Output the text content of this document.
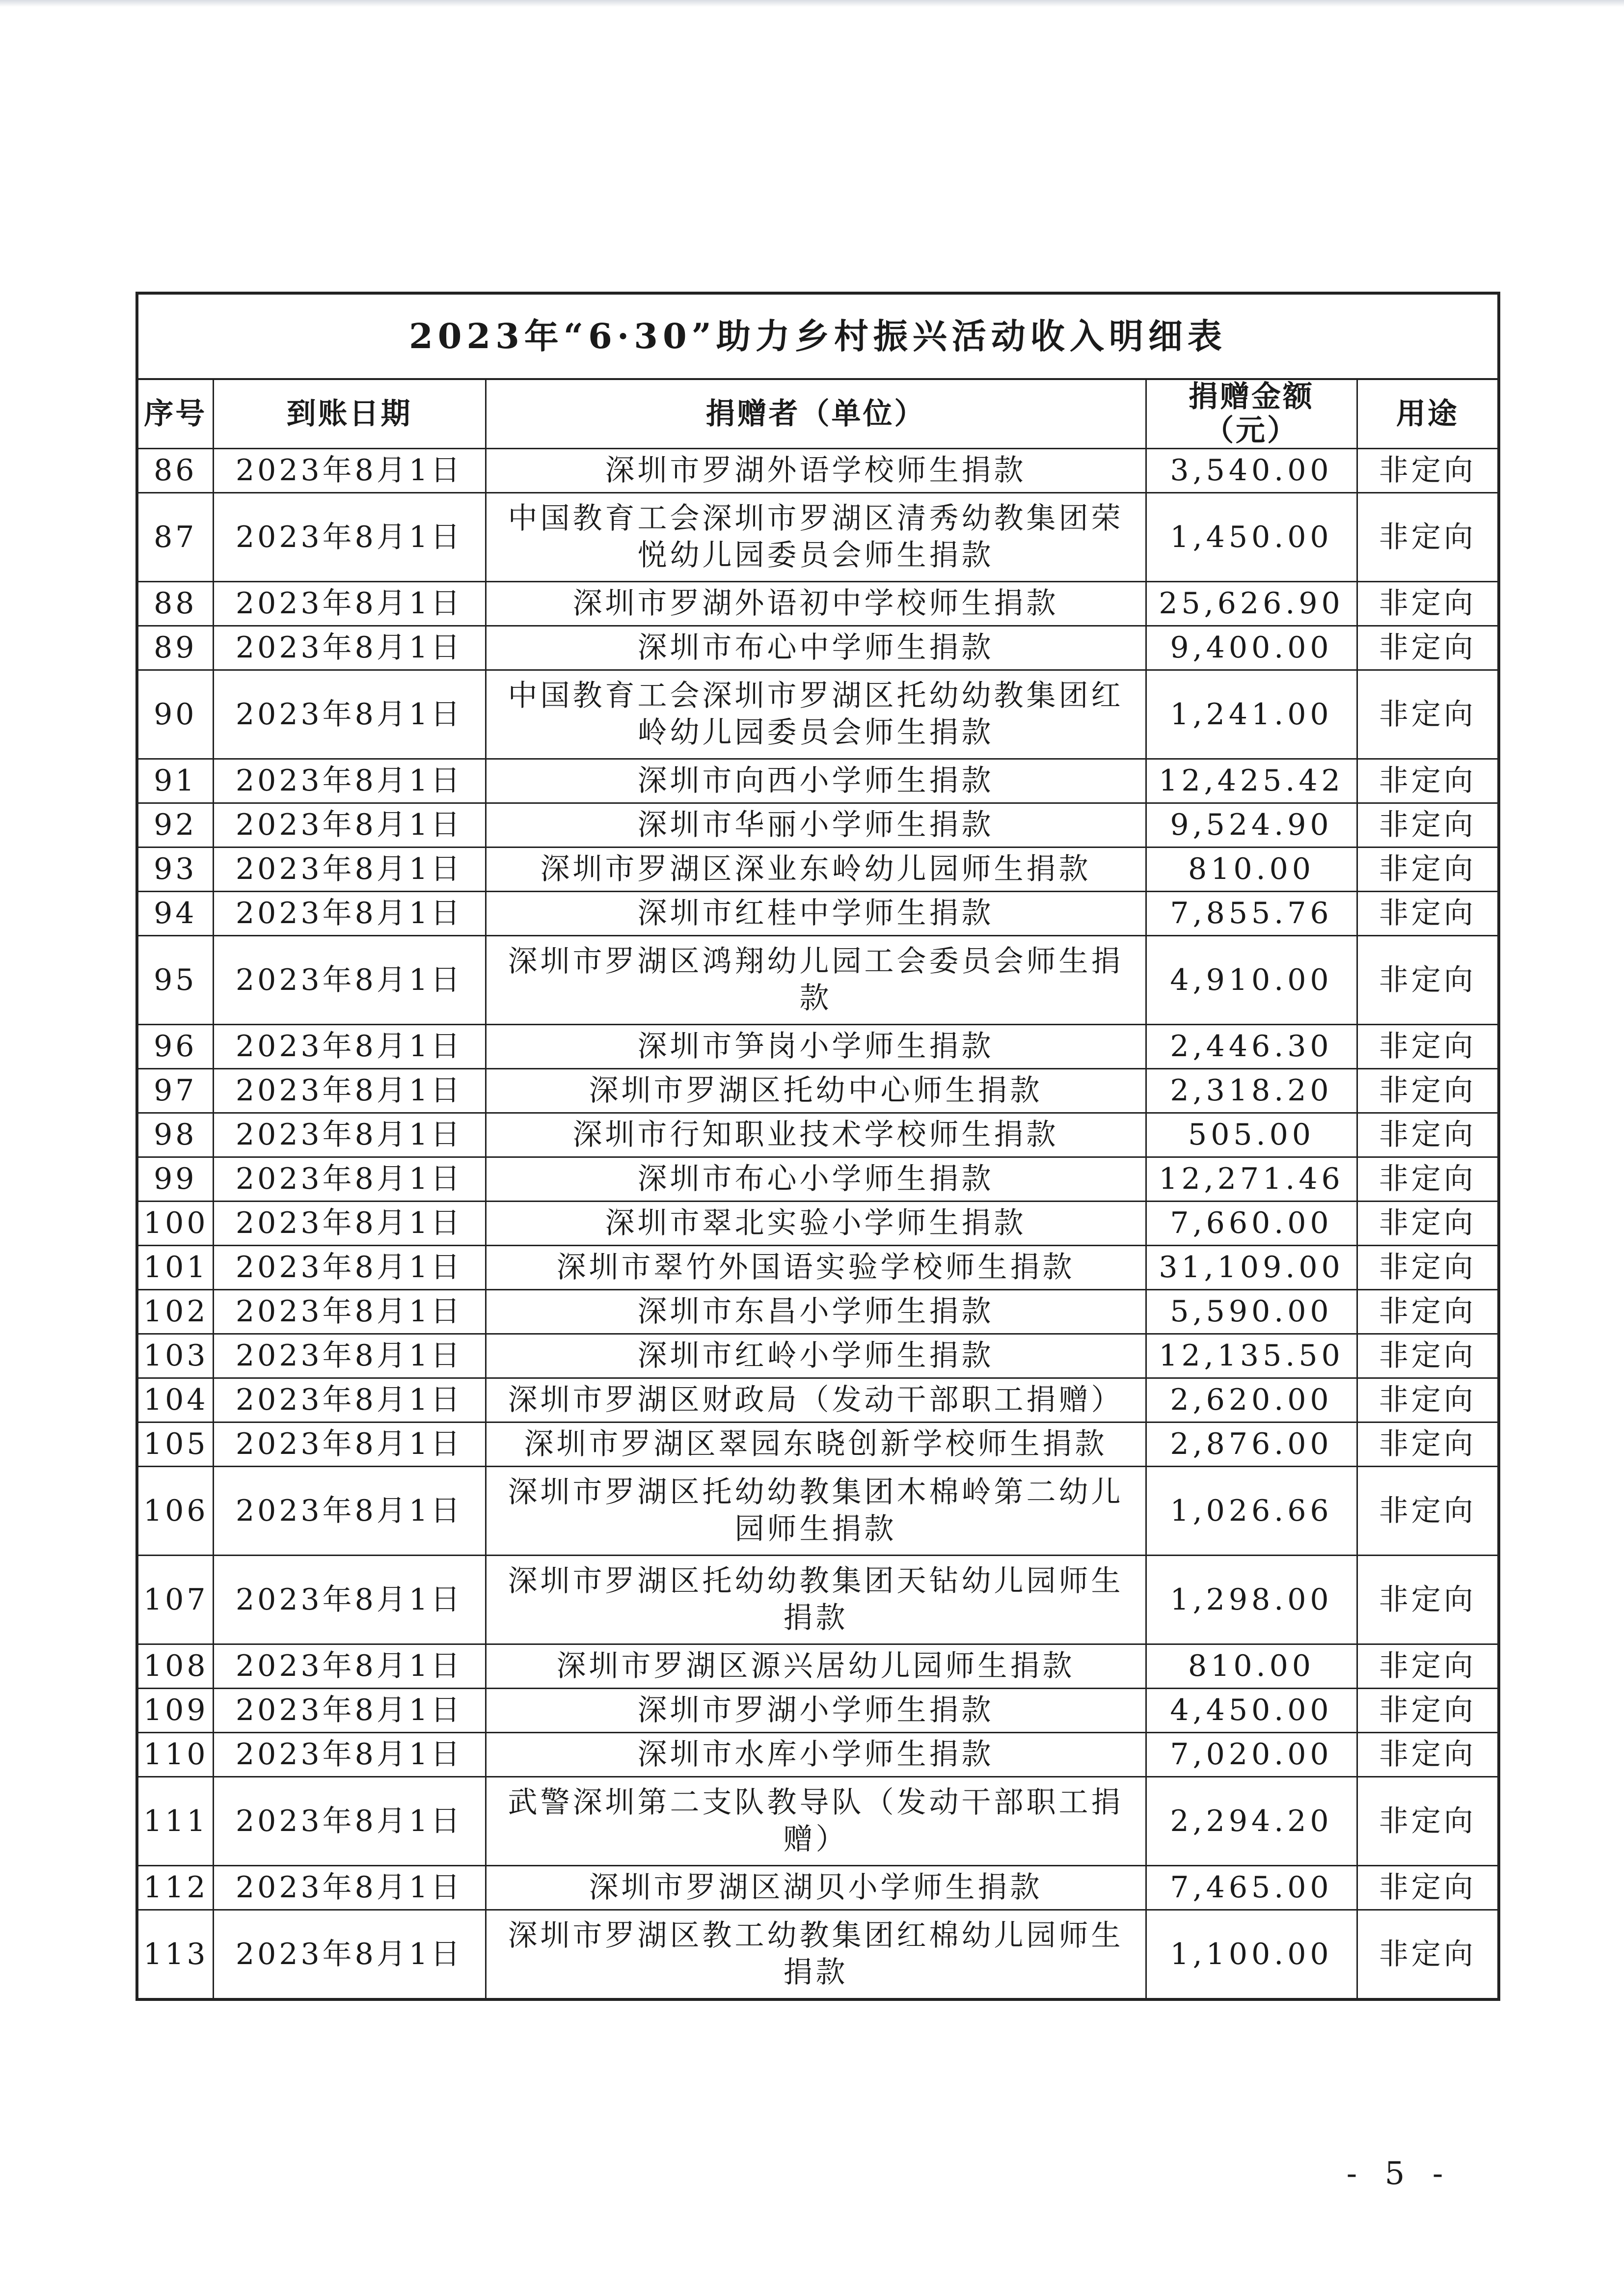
2023年“6·30”助力乡村振兴活动收入明细表				
序号	到账日期	捐赠者（单位）	捐赠金额（元）	用途
86	2023年8月1日	深圳市罗湖外语学校师生捐款	3,540.00	非定向
87	2023年8月1日	中国教育工会深圳市罗湖区清秀幼教集团荣悦幼儿园委员会师生捐款	1,450.00	非定向
88	2023年8月1日	深圳市罗湖外语初中学校师生捐款	25,626.90	非定向
89	2023年8月1日	深圳市布心中学师生捐款	9,400.00	非定向
90	2023年8月1日	中国教育工会深圳市罗湖区托幼幼教集团红岭幼儿园委员会师生捐款	1,241.00	非定向
91	2023年8月1日	深圳市向西小学师生捐款	12,425.42	非定向
92	2023年8月1日	深圳市华丽小学师生捐款	9,524.90	非定向
93	2023年8月1日	深圳市罗湖区深业东岭幼儿园师生捐款	810.00	非定向
94	2023年8月1日	深圳市红桂中学师生捐款	7,855.76	非定向
95	2023年8月1日	深圳市罗湖区鸿翔幼儿园工会委员会师生捐款	4,910.00	非定向
96	2023年8月1日	深圳市笋岗小学师生捐款	2,446.30	非定向
97	2023年8月1日	深圳市罗湖区托幼中心师生捐款	2,318.20	非定向
98	2023年8月1日	深圳市行知职业技术学校师生捐款	505.00	非定向
99	2023年8月1日	深圳市布心小学师生捐款	12,271.46	非定向
100	2023年8月1日	深圳市翠北实验小学师生捐款	7,660.00	非定向
101	2023年8月1日	深圳市翠竹外国语实验学校师生捐款	31,109.00	非定向
102	2023年8月1日	深圳市东昌小学师生捐款	5,590.00	非定向
103	2023年8月1日	深圳市红岭小学师生捐款	12,135.50	非定向
104	2023年8月1日	深圳市罗湖区财政局（发动干部职工捐赠）	2,620.00	非定向
105	2023年8月1日	深圳市罗湖区翠园东晓创新学校师生捐款	2,876.00	非定向
106	2023年8月1日	深圳市罗湖区托幼幼教集团木棉岭第二幼儿园师生捐款	1,026.66	非定向
107	2023年8月1日	深圳市罗湖区托幼幼教集团天钻幼儿园师生捐款	1,298.00	非定向
108	2023年8月1日	深圳市罗湖区源兴居幼儿园师生捐款	810.00	非定向
109	2023年8月1日	深圳市罗湖小学师生捐款	4,450.00	非定向
110	2023年8月1日	深圳市水库小学师生捐款	7,020.00	非定向
111	2023年8月1日	武警深圳第二支队教导队（发动干部职工捐赠）	2,294.20	非定向
112	2023年8月1日	深圳市罗湖区湖贝小学师生捐款	7,465.00	非定向
113	2023年8月1日	深圳市罗湖区教工幼教集团红棉幼儿园师生捐款	1,100.00	非定向
- 5 -
